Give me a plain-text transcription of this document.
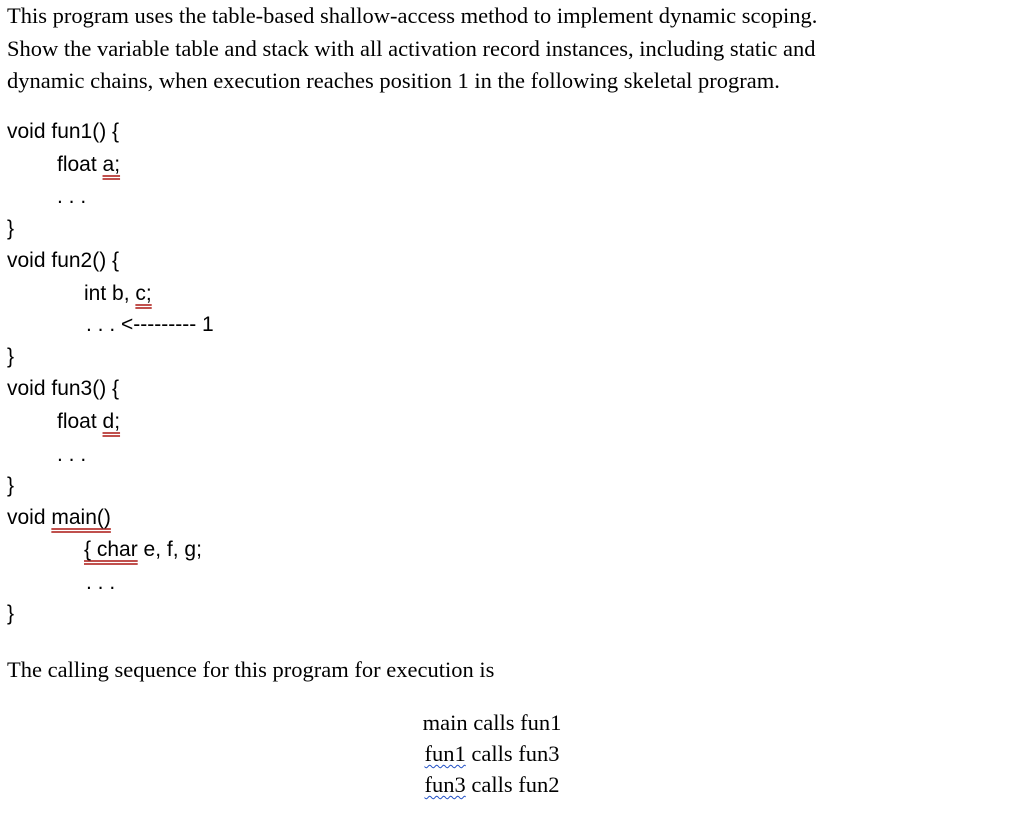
This program uses the table-based shallow-access method to implement dynamic scoping.
Show the variable table and stack with all activation record instances, including static and
dynamic chains, when execution reaches position 1 in the following skeletal program.
void fun1() {
float a;
. . .
}
void fun2() {
int b, c;
. . . <--------- 1
}
void fun3() {
float d;
. . .
}
void main()
{ char e, f, g;
. . .
}
The calling sequence for this program for execution is
main calls fun1
fun1 calls fun3
fun3 calls fun2
